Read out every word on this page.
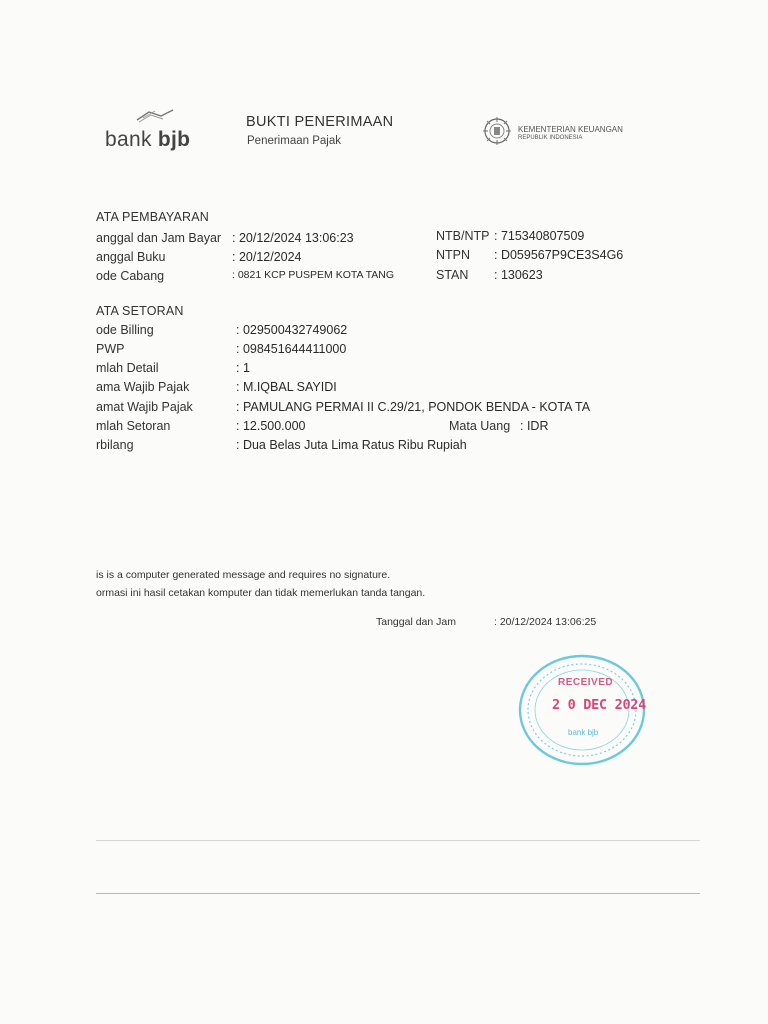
bank bjb
BUKTI PENERIMAAN
Penerimaan Pajak
KEMENTERIAN KEUANGAN
REPUBLIK INDONESIA
ATA PEMBAYARAN
anggal dan Jam Bayar : 20/12/2024 13:06:23
anggal Buku	: 20/12/2024
ode Cabang	: 0821 KCP PUSPEM KOTA TANG
NTB/NTP : 715340807509
NTPN : D059567P9CE3S4G6
STAN : 130623
ATA SETORAN
ode Billing	: 029500432749062
PWP	: 098451644411000
mlah Detail	: 1
ama Wajib Pajak	: M.IQBAL SAYIDI
amat Wajib Pajak	: PAMULANG PERMAI II C.29/21, PONDOK BENDA - KOTA TA
mlah Setoran	: 12.500.000	Mata Uang : IDR
rbilang	: Dua Belas Juta Lima Ratus Ribu Rupiah
is is a computer generated message and requires no signature.
ormasi ini hasil cetakan komputer dan tidak memerlukan tanda tangan.
Tanggal dan Jam	: 20/12/2024 13:06:25
RECEIVED
2 0 DEC 2024
bank bjb
